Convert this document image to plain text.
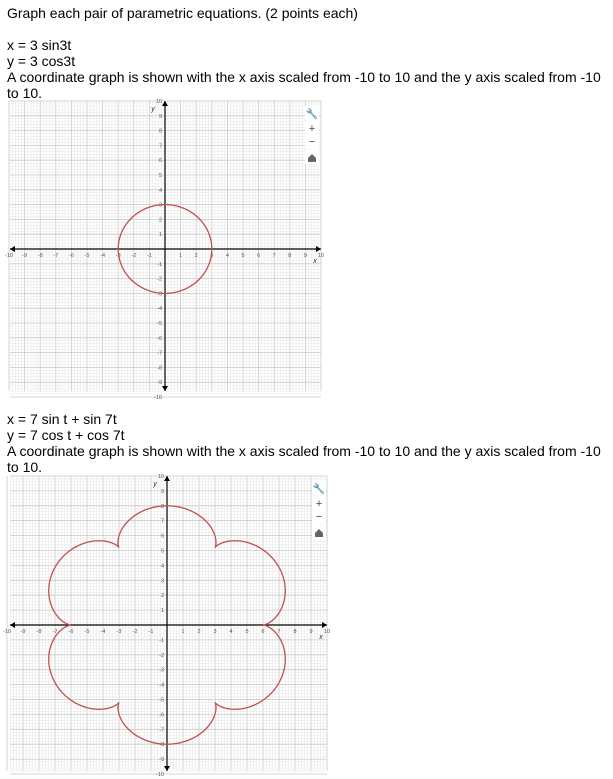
Graph each pair of parametric equations. (2 points each)
x = 3 sin3t
y = 3 cos3t
A coordinate graph is shown with the x axis scaled from -10 to 10 and the y axis scaled from -10 to 10.
-10 -9 -8 -7 -6 -5 -4 -3 -2 -1	1 2 3 4 5 6 7 8 9 10
-10
-9
-8
-7
-6
-5
-4
-3
-2
-1
1
2
3
4
5
6
7
8
9
10
x
y	🔧
+
−
x = 7 sin t + sin 7t
y = 7 cos t + cos 7t
A coordinate graph is shown with the x axis scaled from -10 to 10 and the y axis scaled from -10 to 10.
-10 -9 -8 -7 -6 -5 -4 -3 -2 -1	1 2 3 4 5 6 7 8 9 10
-10
-9
-8
-7
-6
-5
-4
-3
-2
-1
1
2
3
4
5
6
7
8
9
10
x
y	🔧
+
−
